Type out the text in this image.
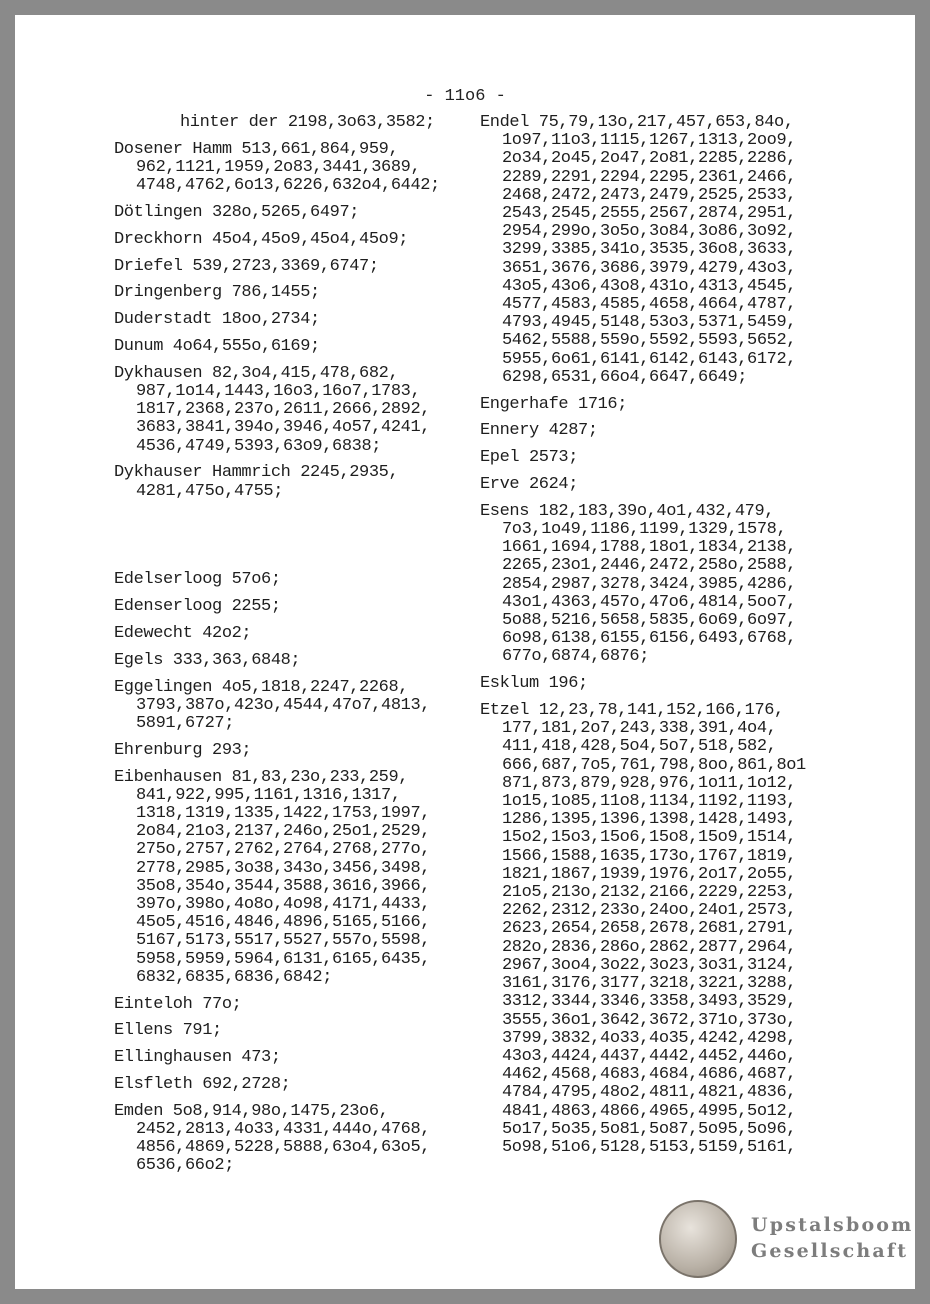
- 11o6 -
hinter der 2198,3o63,3582;
Dosener Hamm 513,661,864,959,
962,1121,1959,2o83,3441,3689,
4748,4762,6o13,6226,632o4,6442;
Dötlingen 328o,5265,6497;
Dreckhorn 45o4,45o9,45o4,45o9;
Driefel 539,2723,3369,6747;
Dringenberg 786,1455;
Duderstadt 18oo,2734;
Dunum 4o64,555o,6169;
Dykhausen 82,3o4,415,478,682,
987,1o14,1443,16o3,16o7,1783,
1817,2368,237o,2611,2666,2892,
3683,3841,394o,3946,4o57,4241,
4536,4749,5393,63o9,6838;
Dykhauser Hammrich 2245,2935,
4281,475o,4755;
Edelserloog 57o6;
Edenserloog 2255;
Edewecht 42o2;
Egels 333,363,6848;
Eggelingen 4o5,1818,2247,2268,
3793,387o,423o,4544,47o7,4813,
5891,6727;
Ehrenburg 293;
Eibenhausen 81,83,23o,233,259,
841,922,995,1161,1316,1317,
1318,1319,1335,1422,1753,1997,
2o84,21o3,2137,246o,25o1,2529,
275o,2757,2762,2764,2768,277o,
2778,2985,3o38,343o,3456,3498,
35o8,354o,3544,3588,3616,3966,
397o,398o,4o8o,4o98,4171,4433,
45o5,4516,4846,4896,5165,5166,
5167,5173,5517,5527,557o,5598,
5958,5959,5964,6131,6165,6435,
6832,6835,6836,6842;
Einteloh 77o;
Ellens 791;
Ellinghausen 473;
Elsfleth 692,2728;
Emden 5o8,914,98o,1475,23o6,
2452,2813,4o33,4331,444o,4768,
4856,4869,5228,5888,63o4,63o5,
6536,66o2;
Endel 75,79,13o,217,457,653,84o,
1o97,11o3,1115,1267,1313,2oo9,
2o34,2o45,2o47,2o81,2285,2286,
2289,2291,2294,2295,2361,2466,
2468,2472,2473,2479,2525,2533,
2543,2545,2555,2567,2874,2951,
2954,299o,3o5o,3o84,3o86,3o92,
3299,3385,341o,3535,36o8,3633,
3651,3676,3686,3979,4279,43o3,
43o5,43o6,43o8,431o,4313,4545,
4577,4583,4585,4658,4664,4787,
4793,4945,5148,53o3,5371,5459,
5462,5588,559o,5592,5593,5652,
5955,6o61,6141,6142,6143,6172,
6298,6531,66o4,6647,6649;
Engerhafe 1716;
Ennery 4287;
Epel 2573;
Erve 2624;
Esens 182,183,39o,4o1,432,479,
7o3,1o49,1186,1199,1329,1578,
1661,1694,1788,18o1,1834,2138,
2265,23o1,2446,2472,258o,2588,
2854,2987,3278,3424,3985,4286,
43o1,4363,457o,47o6,4814,5oo7,
5o88,5216,5658,5835,6o69,6o97,
6o98,6138,6155,6156,6493,6768,
677o,6874,6876;
Esklum 196;
Etzel 12,23,78,141,152,166,176,
177,181,2o7,243,338,391,4o4,
411,418,428,5o4,5o7,518,582,
666,687,7o5,761,798,8oo,861,8o1
871,873,879,928,976,1o11,1o12,
1o15,1o85,11o8,1134,1192,1193,
1286,1395,1396,1398,1428,1493,
15o2,15o3,15o6,15o8,15o9,1514,
1566,1588,1635,173o,1767,1819,
1821,1867,1939,1976,2o17,2o55,
21o5,213o,2132,2166,2229,2253,
2262,2312,233o,24oo,24o1,2573,
2623,2654,2658,2678,2681,2791,
282o,2836,286o,2862,2877,2964,
2967,3oo4,3o22,3o23,3o31,3124,
3161,3176,3177,3218,3221,3288,
3312,3344,3346,3358,3493,3529,
3555,36o1,3642,3672,371o,373o,
3799,3832,4o33,4o35,4242,4298,
43o3,4424,4437,4442,4452,446o,
4462,4568,4683,4684,4686,4687,
4784,4795,48o2,4811,4821,4836,
4841,4863,4866,4965,4995,5o12,
5o17,5o35,5o81,5o87,5o95,5o96,
5o98,51o6,5128,5153,5159,5161,
Upstalsboom
Gesellschaft
